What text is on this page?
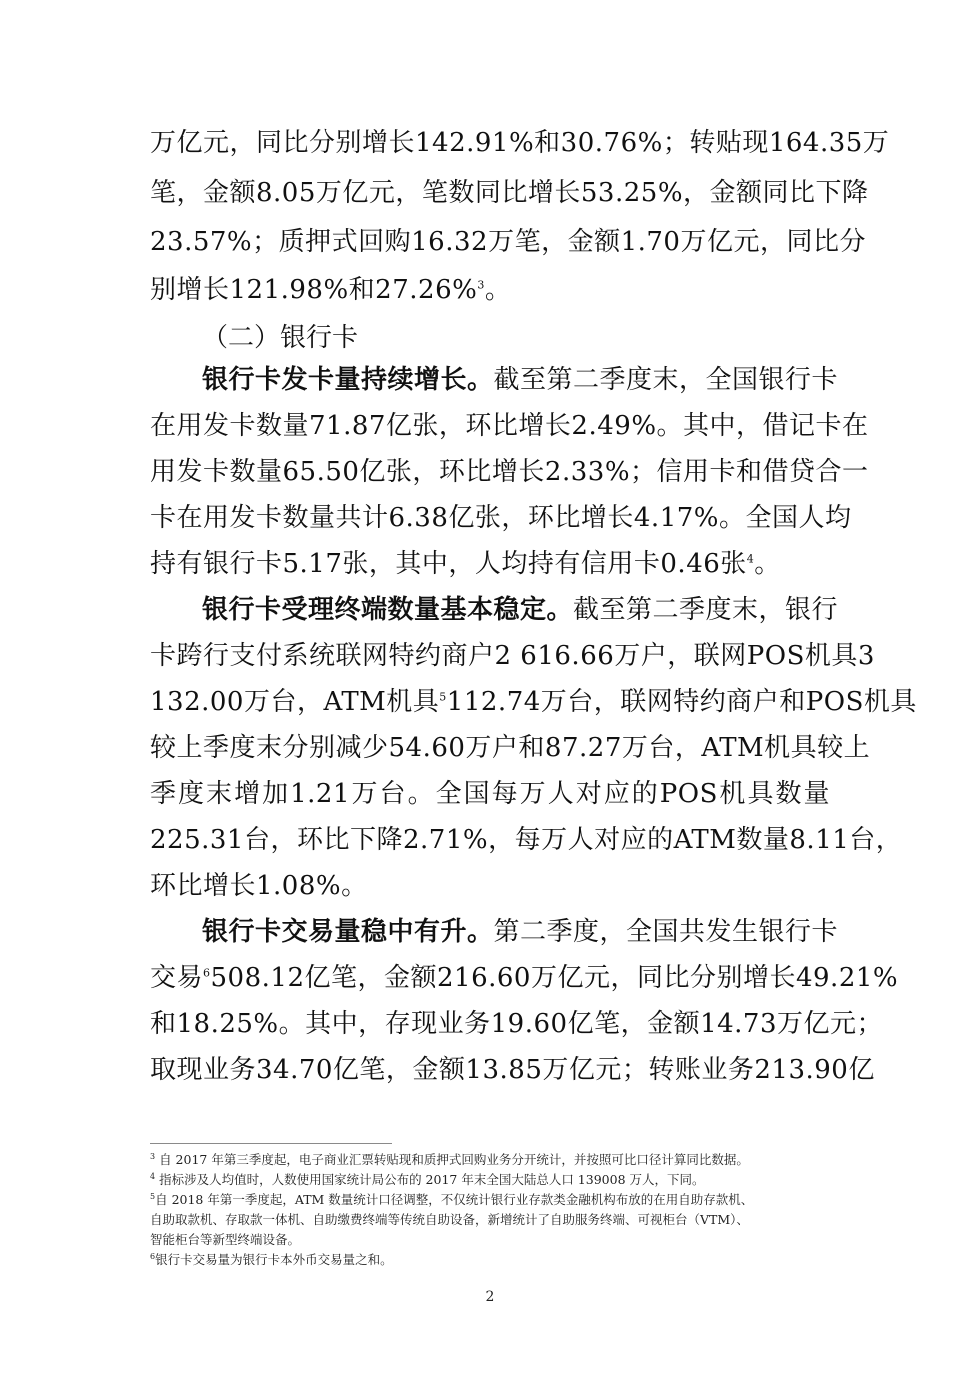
万亿元，同比分别增长142.91%和30.76%；转贴现164.35万
笔，金额8.05万亿元，笔数同比增长53.25%，金额同比下降
23.57%；质押式回购16.32万笔，金额1.70万亿元，同比分
别增长121.98%和27.26%$^3$。
（二）银行卡
银行卡发卡量持续增长。截至第二季度末，全国银行卡
在用发卡数量71.87亿张，环比增长2.49%。其中，借记卡在
用发卡数量65.50亿张，环比增长2.33%；信用卡和借贷合一
卡在用发卡数量共计6.38亿张，环比增长4.17%。全国人均
持有银行卡5.17张，其中，人均持有信用卡0.46张$^4$。
银行卡受理终端数量基本稳定。截至第二季度末，银行
卡跨行支付系统联网特约商户2 616.66万户，联网POS机具3
132.00万台，ATM机具$^5$112.74万台，联网特约商户和POS机具
较上季度末分别减少54.60万户和87.27万台，ATM机具较上
季度末增加1.21万台。全国每万人对应的POS机具数量
225.31台，环比下降2.71%，每万人对应的ATM数量8.11台，
环比增长1.08%。
银行卡交易量稳中有升。第二季度，全国共发生银行卡
交易$^6$508.12亿笔，金额216.60万亿元，同比分别增长49.21%
和18.25%。其中，存现业务19.60亿笔，金额14.73万亿元；
取现业务34.70亿笔，金额13.85万亿元；转账业务213.90亿
$^3$ 自 2017 年第三季度起，电子商业汇票转贴现和质押式回购业务分开统计，并按照可比口径计算同比数据。
$^4$ 指标涉及人均值时，人数使用国家统计局公布的 2017 年末全国大陆总人口 139008 万人，下同。
$^5$自 2018 年第一季度起，ATM 数量统计口径调整，不仅统计银行业存款类金融机构布放的在用自助存款机、
自助取款机、存取款一体机、自助缴费终端等传统自助设备，新增统计了自助服务终端、可视柜台（VTM）、
智能柜台等新型终端设备。
$^6$银行卡交易量为银行卡本外币交易量之和。
2
